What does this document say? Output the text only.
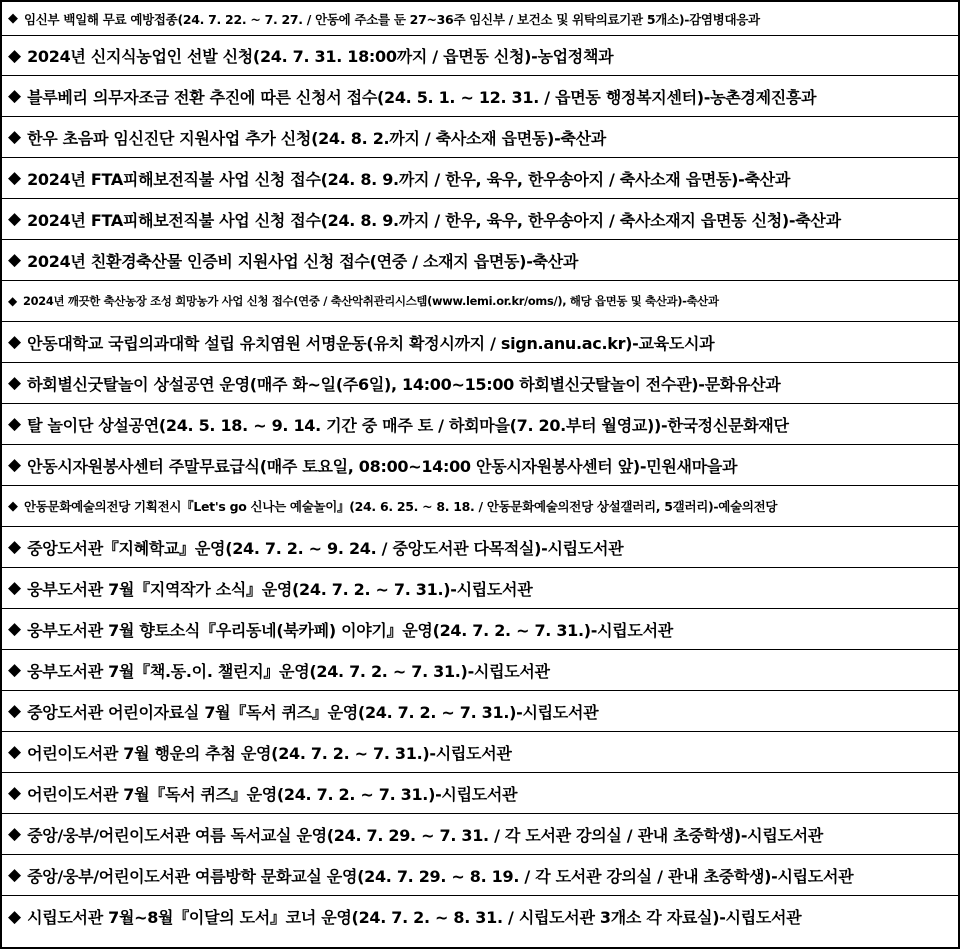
◆ 임신부 백일해 무료 예방접종(24. 7. 22. ~ 7. 27. / 안동에 주소를 둔 27~36주 임신부 / 보건소 및 위탁의료기관 5개소)-감염병대응과
◆ 2024년 신지식농업인 선발 신청(24. 7. 31. 18:00까지 / 읍면동 신청)-농업정책과
◆ 블루베리 의무자조금 전환 추진에 따른 신청서 접수(24. 5. 1. ~ 12. 31. / 읍면동 행정복지센터)-농촌경제진흥과
◆ 한우 초음파 임신진단 지원사업 추가 신청(24. 8. 2.까지 / 축사소재 읍면동)-축산과
◆ 2024년 FTA피해보전직불 사업 신청 접수(24. 8. 9.까지 / 한우, 육우, 한우송아지 / 축사소재 읍면동)-축산과
◆ 2024년 FTA피해보전직불 사업 신청 접수(24. 8. 9.까지 / 한우, 육우, 한우송아지 / 축사소재지 읍면동 신청)-축산과
◆ 2024년 친환경축산물 인증비 지원사업 신청 접수(연중 / 소재지 읍면동)-축산과
◆ 2024년 깨끗한 축산농장 조성 희망농가 사업 신청 접수(연중 / 축산악취관리시스템(www.lemi.or.kr/oms/), 해당 읍면동 및 축산과)-축산과
◆ 안동대학교 국립의과대학 설립 유치염원 서명운동(유치 확정시까지 / sign.anu.ac.kr)-교육도시과
◆ 하회별신굿탈놀이 상설공연 운영(매주 화~일(주6일), 14:00~15:00 하회별신굿탈놀이 전수관)-문화유산과
◆ 탈 놀이단 상설공연(24. 5. 18. ~ 9. 14. 기간 중 매주 토 / 하회마을(7. 20.부터 월영교))-한국정신문화재단
◆ 안동시자원봉사센터 주말무료급식(매주 토요일, 08:00~14:00 안동시자원봉사센터 앞)-민원새마을과
◆ 안동문화예술의전당 기획전시『Let's go 신나는 예술놀이』(24. 6. 25. ~ 8. 18. / 안동문화예술의전당 상설갤러리, 5갤러리)-예술의전당
◆ 중앙도서관『지혜학교』운영(24. 7. 2. ~ 9. 24. / 중앙도서관 다목적실)-시립도서관
◆ 웅부도서관 7월『지역작가 소식』운영(24. 7. 2. ~ 7. 31.)-시립도서관
◆ 웅부도서관 7월 향토소식『우리동네(북카페) 이야기』운영(24. 7. 2. ~ 7. 31.)-시립도서관
◆ 웅부도서관 7월『책.동.이. 챌린지』운영(24. 7. 2. ~ 7. 31.)-시립도서관
◆ 중앙도서관 어린이자료실 7월『독서 퀴즈』운영(24. 7. 2. ~ 7. 31.)-시립도서관
◆ 어린이도서관 7월 행운의 추첨 운영(24. 7. 2. ~ 7. 31.)-시립도서관
◆ 어린이도서관 7월『독서 퀴즈』운영(24. 7. 2. ~ 7. 31.)-시립도서관
◆ 중앙/웅부/어린이도서관 여름 독서교실 운영(24. 7. 29. ~ 7. 31. / 각 도서관 강의실 / 관내 초중학생)-시립도서관
◆ 중앙/웅부/어린이도서관 여름방학 문화교실 운영(24. 7. 29. ~ 8. 19. / 각 도서관 강의실 / 관내 초중학생)-시립도서관
◆ 시립도서관 7월~8월『이달의 도서』코너 운영(24. 7. 2. ~ 8. 31. / 시립도서관 3개소 각 자료실)-시립도서관
